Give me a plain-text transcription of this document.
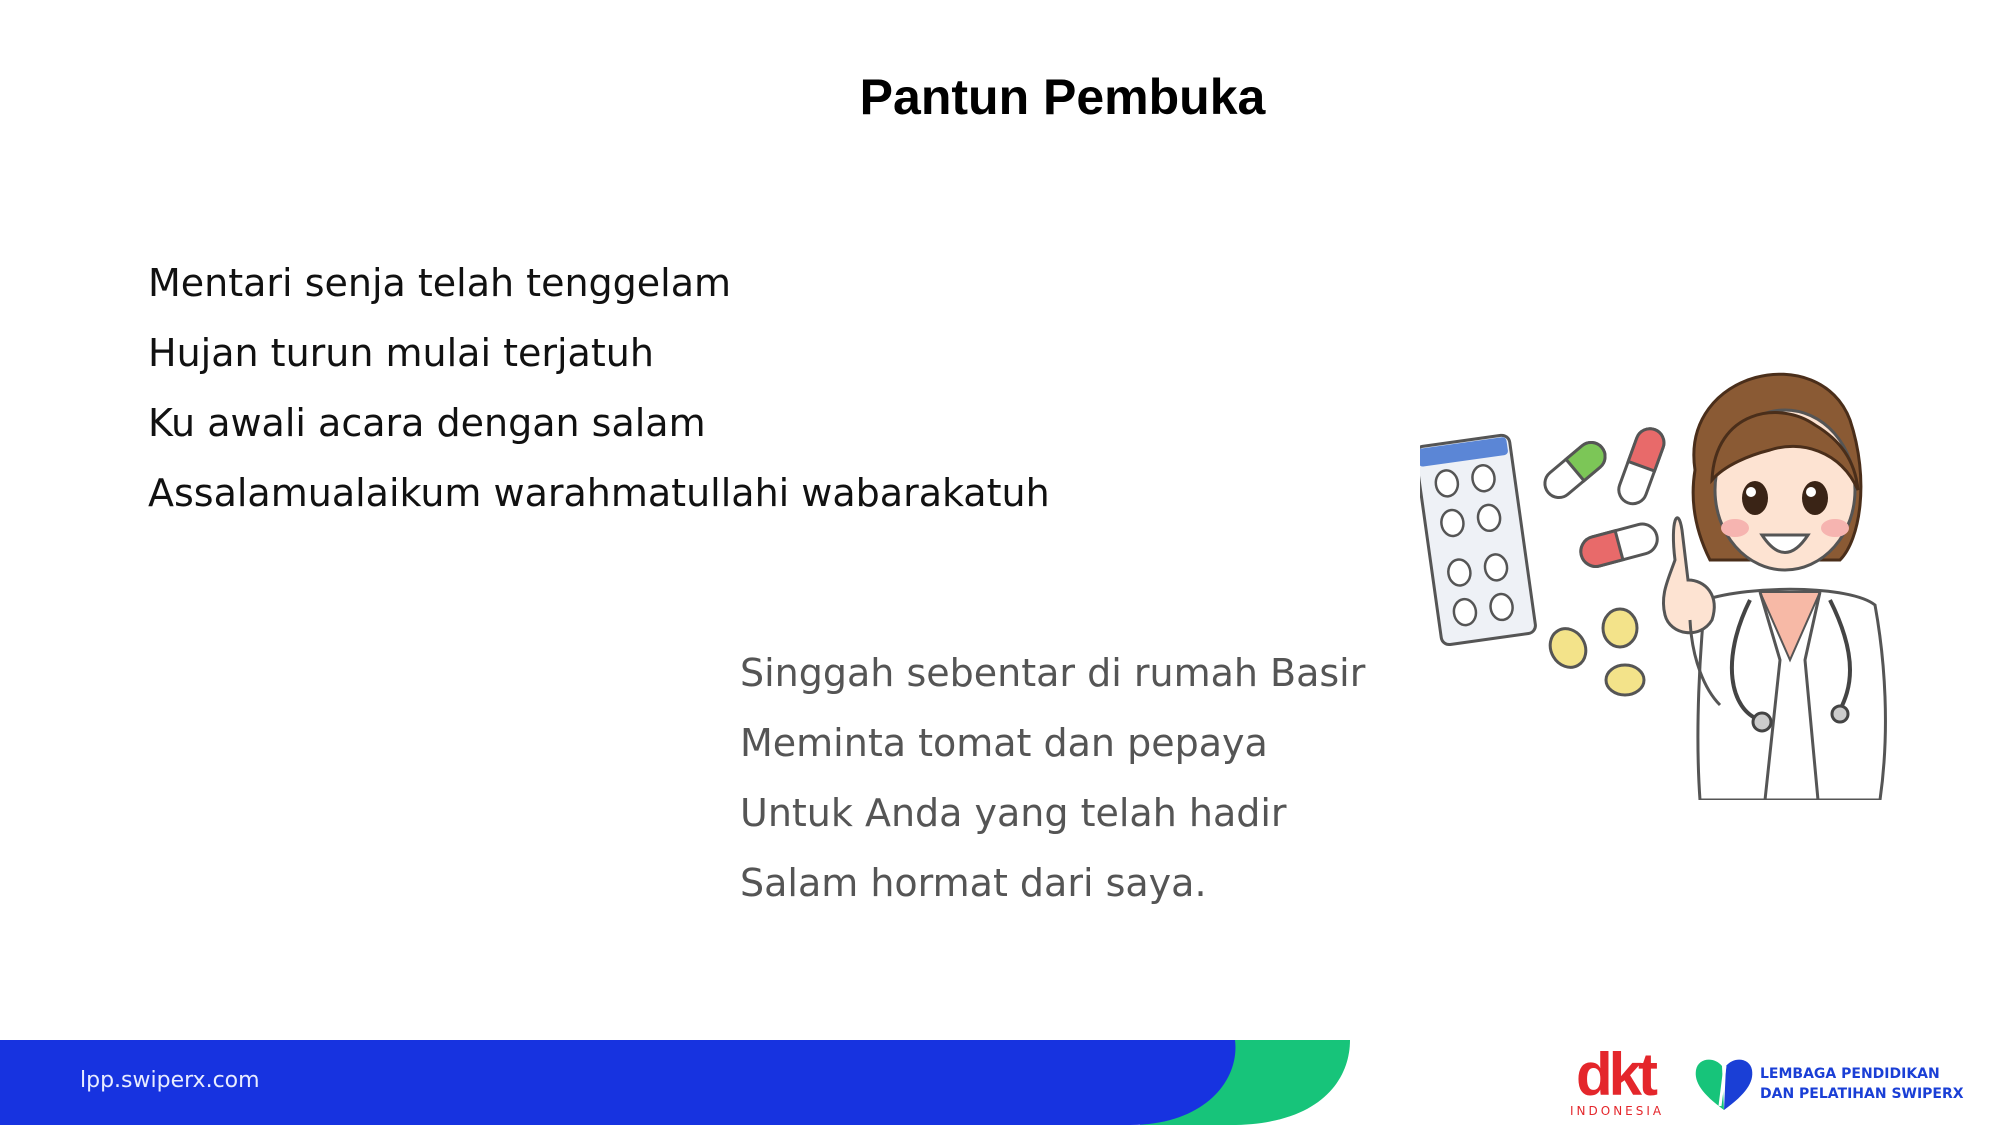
Pantun Pembuka
Mentari senja telah tenggelam
Hujan turun mulai terjatuh
Ku awali acara dengan salam
Assalamualaikum warahmatullahi wabarakatuh
Singgah sebentar di rumah Basir
Meminta tomat dan pepaya
Untuk Anda yang telah hadir
Salam hormat dari saya.
lpp.swiperx.com	dkt
INDONESIA
LEMBAGA PENDIDIKAN
DAN PELATIHAN SWIPERX
